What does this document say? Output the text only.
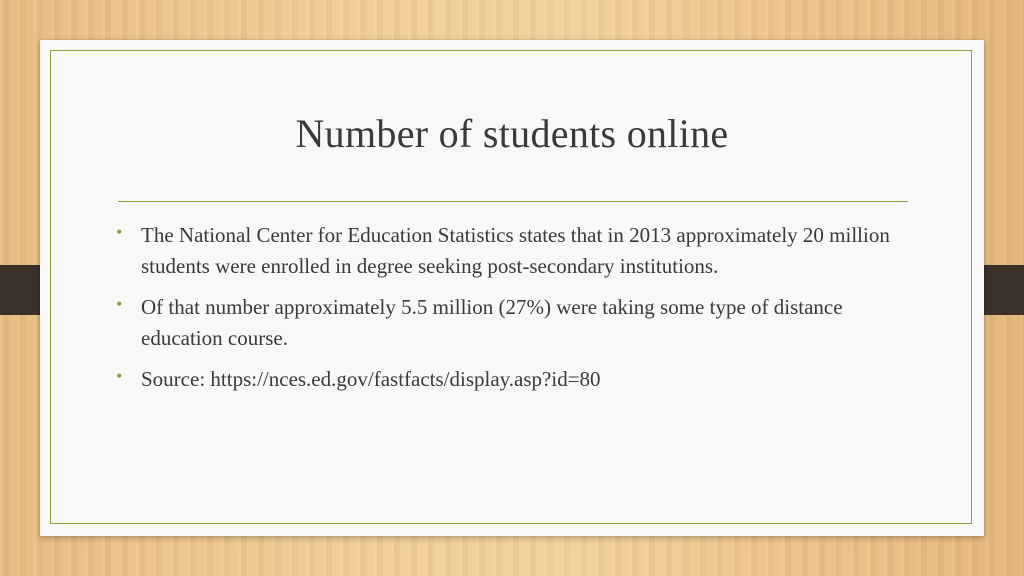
Number of students online
• The National Center for Education Statistics states that in 2013 approximately 20 million students were enrolled in degree seeking post-secondary institutions.
• Of that number approximately 5.5 million (27%) were taking some type of distance education course.
• Source: https://nces.ed.gov/fastfacts/display.asp?id=80
